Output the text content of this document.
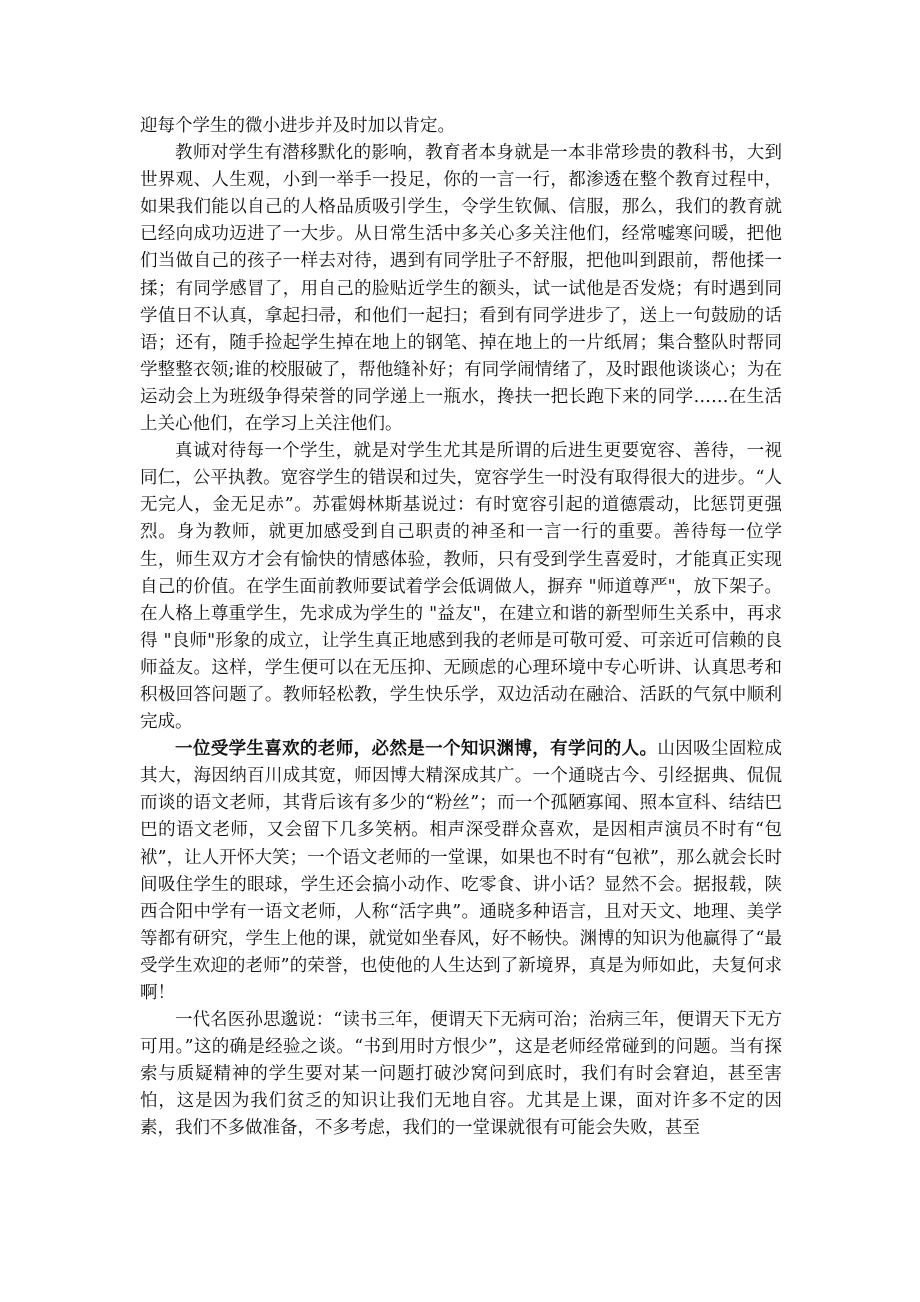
迎每个学生的微小进步并及时加以肯定。

教师对学生有潜移默化的影响，教育者本身就是一本非常珍贵的教科书，大到世界观、人生观，小到一举手一投足，你的一言一行，都渗透在整个教育过程中，如果我们能以自己的人格品质吸引学生，令学生钦佩、信服，那么，我们的教育就已经向成功迈进了一大步。从日常生活中多关心多关注他们，经常嘘寒问暖，把他们当做自己的孩子一样去对待，遇到有同学肚子不舒服，把他叫到跟前，帮他揉一揉；有同学感冒了，用自己的脸贴近学生的额头，试一试他是否发烧；有时遇到同学值日不认真，拿起扫帚，和他们一起扫；看到有同学进步了，送上一句鼓励的话语；还有，随手捡起学生掉在地上的钢笔、掉在地上的一片纸屑；集合整队时帮同学整整衣领;谁的校服破了，帮他缝补好；有同学闹情绪了，及时跟他谈谈心；为在运动会上为班级争得荣誉的同学递上一瓶水，搀扶一把长跑下来的同学……在生活上关心他们，在学习上关注他们。

真诚对待每一个学生，就是对学生尤其是所谓的后进生更要宽容、善待，一视同仁，公平执教。宽容学生的错误和过失，宽容学生一时没有取得很大的进步。“人无完人，金无足赤”。苏霍姆林斯基说过：有时宽容引起的道德震动，比惩罚更强烈。身为教师，就更加感受到自己职责的神圣和一言一行的重要。善待每一位学生，师生双方才会有愉快的情感体验，教师，只有受到学生喜爱时，才能真正实现自己的价值。在学生面前教师要试着学会低调做人，摒弃 "师道尊严"，放下架子。在人格上尊重学生，先求成为学生的 "益友"，在建立和谐的新型师生关系中，再求得 "良师"形象的成立，让学生真正地感到我的老师是可敬可爱、可亲近可信赖的良师益友。这样，学生便可以在无压抑、无顾虑的心理环境中专心听讲、认真思考和积极回答问题了。教师轻松教，学生快乐学，双边活动在融洽、活跃的气氛中顺利完成。

一位受学生喜欢的老师，必然是一个知识渊博，有学问的人。山因吸尘固粒成其大，海因纳百川成其宽，师因博大精深成其广。一个通晓古今、引经据典、侃侃而谈的语文老师，其背后该有多少的“粉丝”；而一个孤陋寡闻、照本宣科、结结巴巴的语文老师，又会留下几多笑柄。相声深受群众喜欢，是因相声演员不时有“包袱”，让人开怀大笑；一个语文老师的一堂课，如果也不时有“包袱”，那么就会长时间吸住学生的眼球，学生还会搞小动作、吃零食、讲小话？显然不会。据报载，陕西合阳中学有一语文老师，人称“活字典”。通晓多种语言，且对天文、地理、美学等都有研究，学生上他的课，就觉如坐春风，好不畅快。渊博的知识为他赢得了“最受学生欢迎的老师”的荣誉，也使他的人生达到了新境界，真是为师如此，夫复何求啊！

一代名医孙思邈说：“读书三年，便谓天下无病可治；治病三年，便谓天下无方可用。”这的确是经验之谈。“书到用时方恨少”，这是老师经常碰到的问题。当有探索与质疑精神的学生要对某一问题打破沙窝问到底时，我们有时会窘迫，甚至害怕，这是因为我们贫乏的知识让我们无地自容。尤其是上课，面对许多不定的因素，我们不多做准备，不多考虑，我们的一堂课就很有可能会失败，甚至
